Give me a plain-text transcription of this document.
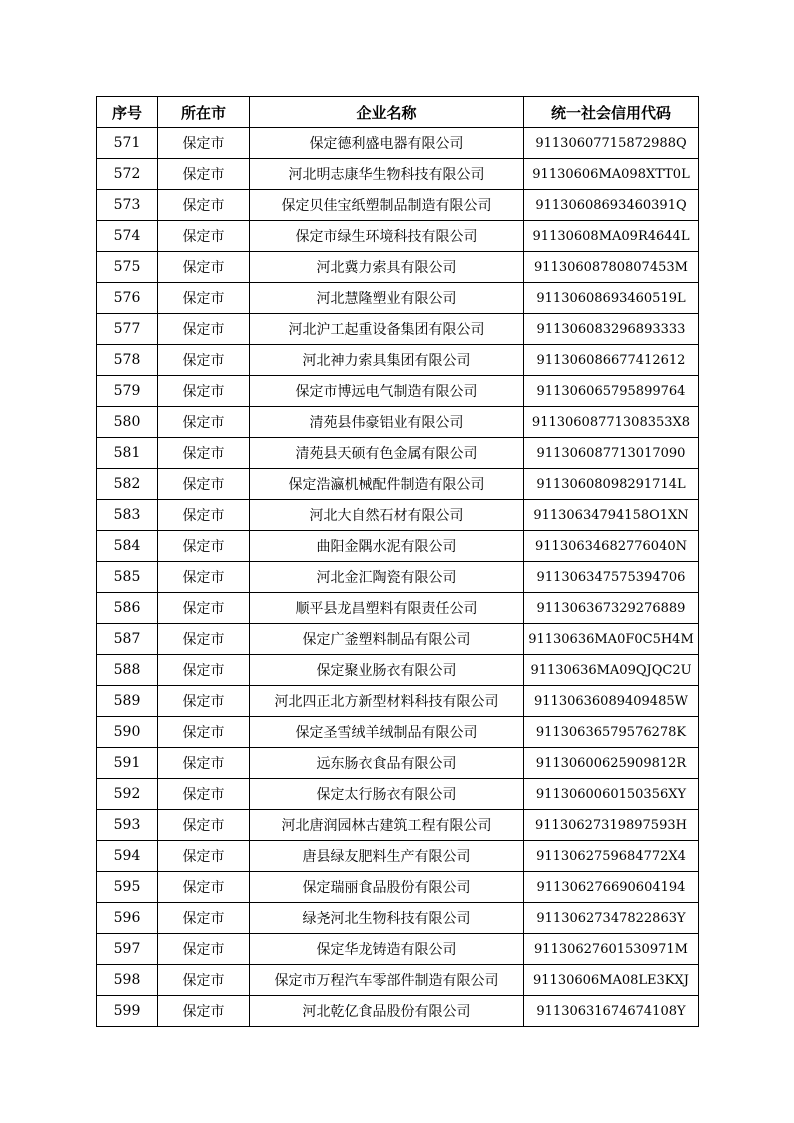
序号	所在市	企业名称	统一社会信用代码
571	保定市	保定德利盛电器有限公司	91130607715872988Q
572	保定市	河北明志康华生物科技有限公司	91130606MA098XTT0L
573	保定市	保定贝佳宝纸塑制品制造有限公司	91130608693460391Q
574	保定市	保定市绿生环境科技有限公司	91130608MA09R4644L
575	保定市	河北冀力索具有限公司	91130608780807453M
576	保定市	河北慧隆塑业有限公司	91130608693460519L
577	保定市	河北沪工起重设备集团有限公司	911306083296893333
578	保定市	河北神力索具集团有限公司	911306086677412612
579	保定市	保定市博远电气制造有限公司	911306065795899764
580	保定市	清苑县伟豪铝业有限公司	91130608771308353X8
581	保定市	清苑县天硕有色金属有限公司	911306087713017090
582	保定市	保定浩瀛机械配件制造有限公司	91130608098291714L
583	保定市	河北大自然石材有限公司	91130634794158O1XN
584	保定市	曲阳金隅水泥有限公司	91130634682776040N
585	保定市	河北金汇陶瓷有限公司	911306347575394706
586	保定市	顺平县龙昌塑料有限责任公司	911306367329276889
587	保定市	保定广釜塑料制品有限公司	91130636MA0F0C5H4M
588	保定市	保定聚业肠衣有限公司	91130636MA09QJQC2U
589	保定市	河北四正北方新型材料科技有限公司	91130636089409485W
590	保定市	保定圣雪绒羊绒制品有限公司	91130636579576278K
591	保定市	远东肠衣食品有限公司	91130600625909812R
592	保定市	保定太行肠衣有限公司	9113060060150356XY
593	保定市	河北唐润园林古建筑工程有限公司	91130627319897593H
594	保定市	唐县绿友肥料生产有限公司	9113062759684772X4
595	保定市	保定瑞丽食品股份有限公司	911306276690604194
596	保定市	绿尧河北生物科技有限公司	91130627347822863Y
597	保定市	保定华龙铸造有限公司	91130627601530971M
598	保定市	保定市万程汽车零部件制造有限公司	91130606MA08LE3KXJ
599	保定市	河北乾亿食品股份有限公司	91130631674674108Y
